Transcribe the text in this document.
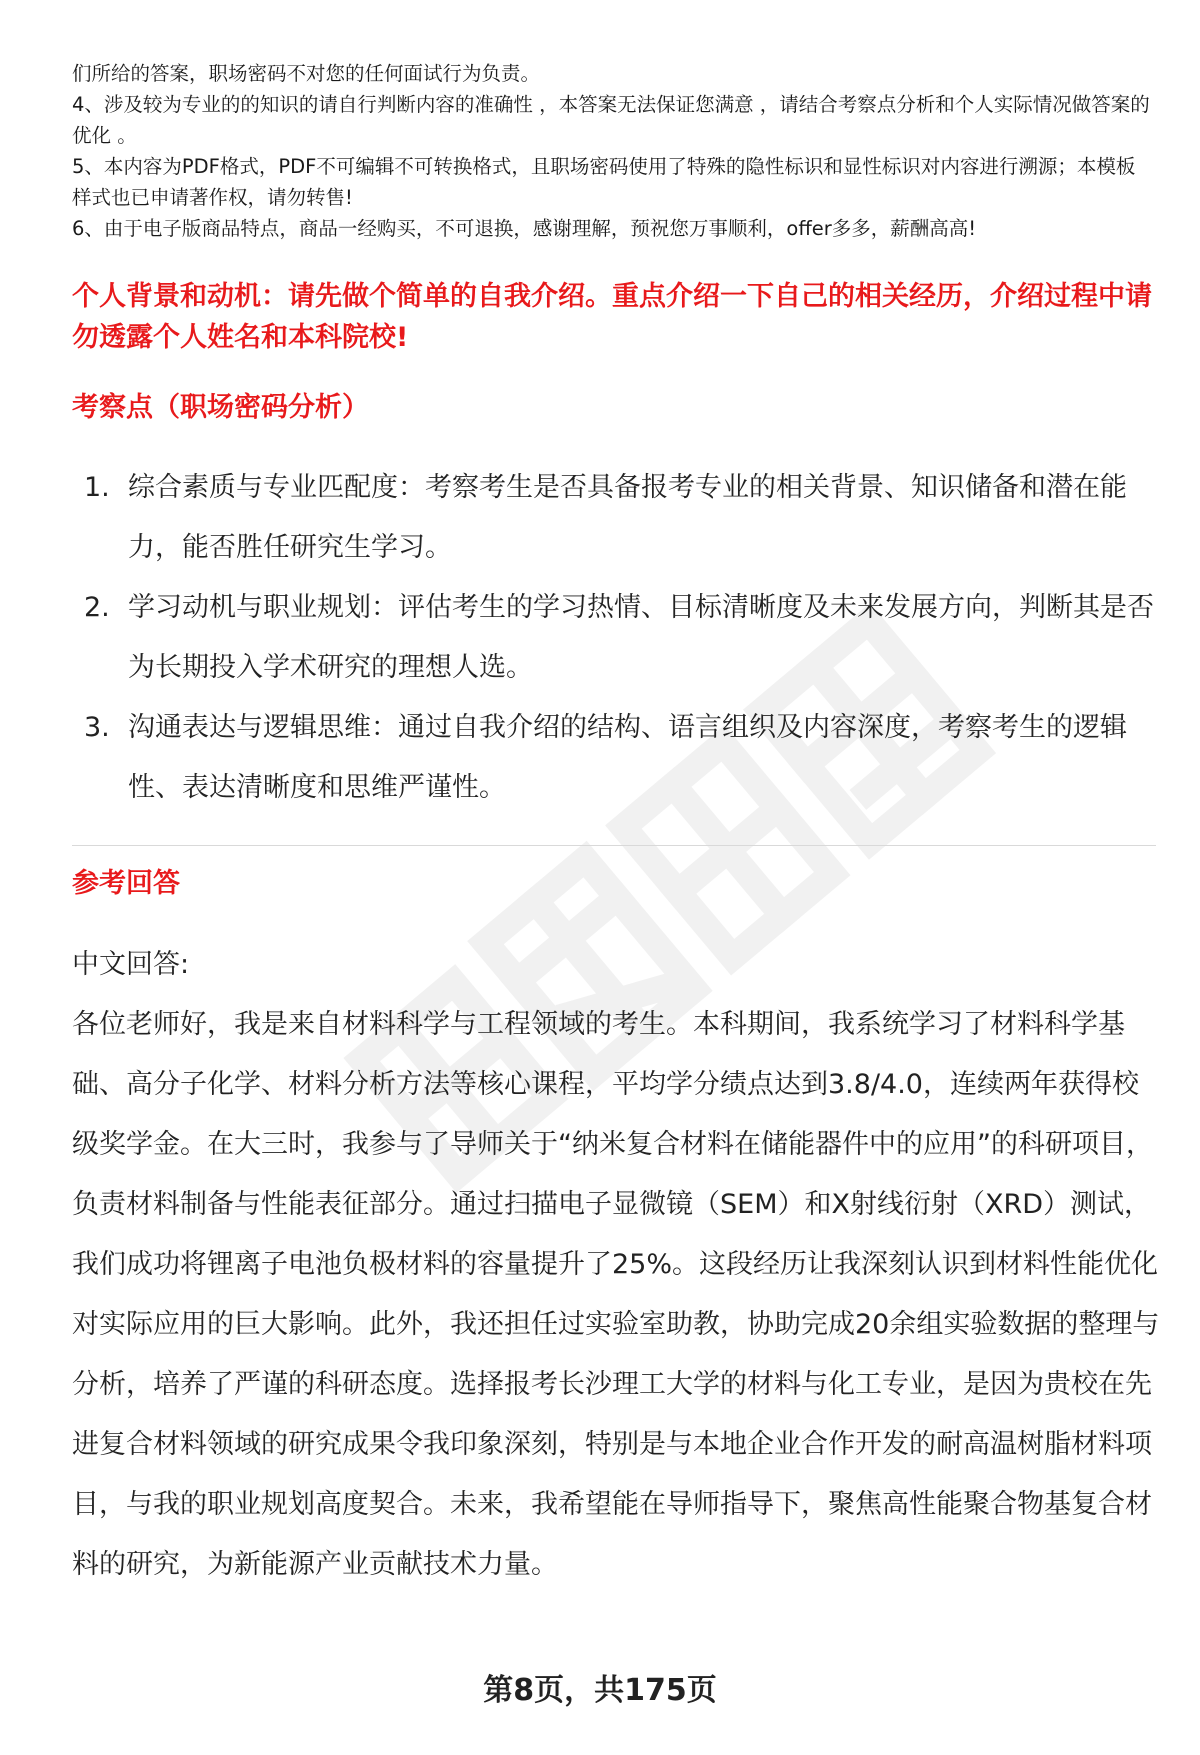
们所给的答案，职场密码不对您的任何面试行为负责。

4、涉及较为专业的的知识的请自行判断内容的准确性 ，本答案无法保证您满意 ，请结合考察点分析和个人实际情况做答案的优化 。

5、本内容为PDF格式，PDF不可编辑不可转换格式，且职场密码使用了特殊的隐性标识和显性标识对内容进行溯源；本模板样式也已申请著作权，请勿转售!

6、由于电子版商品特点，商品一经购买，不可退换，感谢理解，预祝您万事顺利，offer多多，薪酬高高!

个人背景和动机：请先做个简单的自我介绍。重点介绍一下自己的相关经历，介绍过程中请勿透露个人姓名和本科院校!
考察点（职场密码分析）
1. 综合素质与专业匹配度：考察考生是否具备报考专业的相关背景、知识储备和潜在能力，能否胜任研究生学习。
2. 学习动机与职业规划：评估考生的学习热情、目标清晰度及未来发展方向，判断其是否为长期投入学术研究的理想人选。
3. 沟通表达与逻辑思维：通过自我介绍的结构、语言组织及内容深度，考察考生的逻辑性、表达清晰度和思维严谨性。
参考回答

中文回答:

各位老师好，我是来自材料科学与工程领域的考生。本科期间，我系统学习了材料科学基础、高分子化学、材料分析方法等核心课程，平均学分绩点达到3.8/4.0，连续两年获得校级奖学金。在大三时，我参与了导师关于“纳米复合材料在储能器件中的应用”的科研项目，负责材料制备与性能表征部分。通过扫描电子显微镜（SEM）和X射线衍射（XRD）测试，我们成功将锂离子电池负极材料的容量提升了25%。这段经历让我深刻认识到材料性能优化对实际应用的巨大影响。此外，我还担任过实验室助教，协助完成20余组实验数据的整理与分析，培养了严谨的科研态度。选择报考长沙理工大学的材料与化工专业，是因为贵校在先进复合材料领域的研究成果令我印象深刻，特别是与本地企业合作开发的耐高温树脂材料项目，与我的职业规划高度契合。未来，我希望能在导师指导下，聚焦高性能聚合物基复合材料的研究，为新能源产业贡献技术力量。

第8页，共175页
